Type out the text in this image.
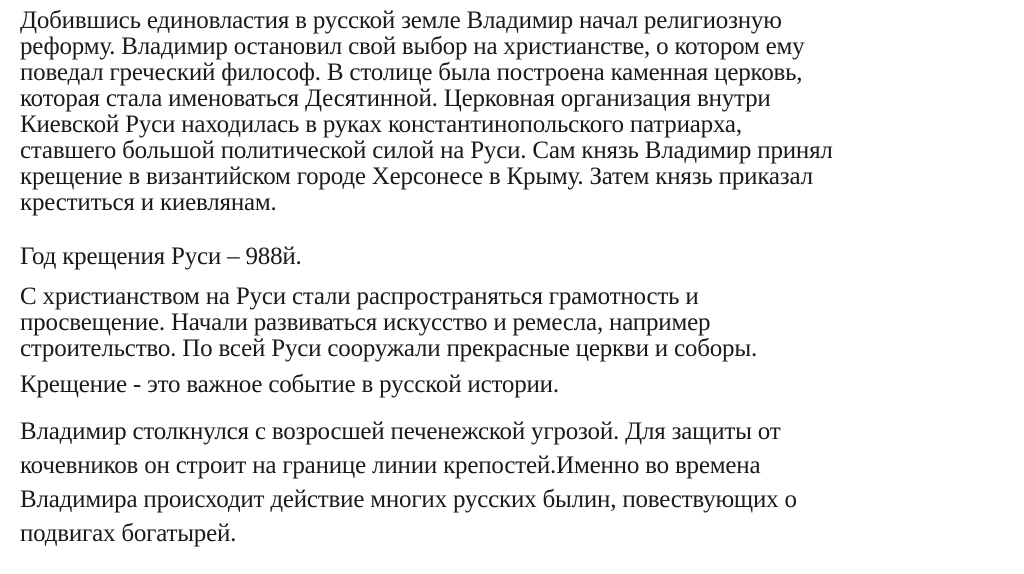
Добившись единовластия в русской земле Владимир начал религиозную
реформу. Владимир остановил свой выбор на христианстве, о котором ему
поведал греческий философ. В столице была построена каменная церковь,
которая стала именоваться Десятинной. Церковная организация внутри
Киевской Руси находилась в руках константинопольского патриарха,
ставшего большой политической силой на Руси. Сам князь Владимир принял
крещение в византийском городе Херсонесе в Крыму. Затем князь приказал
креститься и киевлянам.

Год крещения Руси – 988й.

С христианством на Руси стали распространяться грамотность и
просвещение. Начали развиваться искусство и ремесла, например
строительство. По всей Руси сооружали прекрасные церкви и соборы.

Крещение - это важное событие в русской истории.

Владимир столкнулся с возросшей печенежской угрозой. Для защиты от
кочевников он строит на границе линии крепостей.Именно во времена
Владимира происходит действие многих русских былин, повествующих о
подвигах богатырей.
